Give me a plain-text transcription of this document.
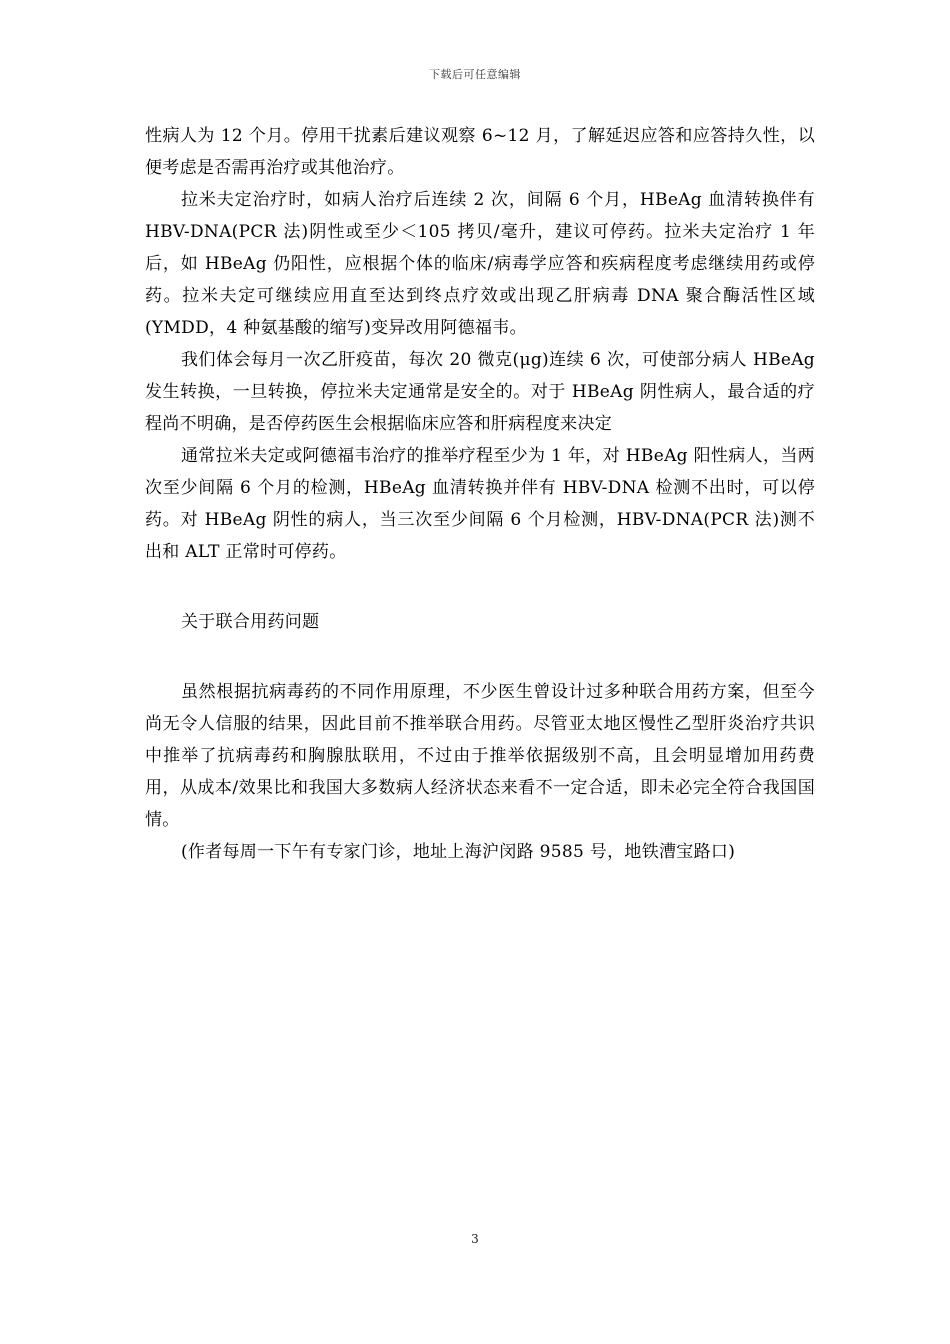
下载后可任意编辑

性病人为 12 个月。停用干扰素后建议观察 6~12 月，了解延迟应答和应答持久性，以便考虑是否需再治疗或其他治疗。

拉米夫定治疗时，如病人治疗后连续 2 次，间隔 6 个月，HBeAg 血清转换伴有 HBV-DNA(PCR 法)阴性或至少＜105 拷贝/毫升，建议可停药。拉米夫定治疗 1 年后，如 HBeAg 仍阳性，应根据个体的临床/病毒学应答和疾病程度考虑继续用药或停药。拉米夫定可继续应用直至达到终点疗效或出现乙肝病毒 DNA 聚合酶活性区域(YMDD，4 种氨基酸的缩写)变异改用阿德福韦。

我们体会每月一次乙肝疫苗，每次 20 微克(μg)连续 6 次，可使部分病人 HBeAg 发生转换，一旦转换，停拉米夫定通常是安全的。对于 HBeAg 阴性病人，最合适的疗程尚不明确，是否停药医生会根据临床应答和肝病程度来决定

通常拉米夫定或阿德福韦治疗的推举疗程至少为 1 年，对 HBeAg 阳性病人，当两次至少间隔 6 个月的检测，HBeAg 血清转换并伴有 HBV-DNA 检测不出时，可以停药。对 HBeAg 阴性的病人，当三次至少间隔 6 个月检测，HBV-DNA(PCR 法)测不出和 ALT 正常时可停药。

关于联合用药问题

虽然根据抗病毒药的不同作用原理，不少医生曾设计过多种联合用药方案，但至今尚无令人信服的结果，因此目前不推举联合用药。尽管亚太地区慢性乙型肝炎治疗共识中推举了抗病毒药和胸腺肽联用，不过由于推举依据级别不高，且会明显增加用药费用，从成本/效果比和我国大多数病人经济状态来看不一定合适，即未必完全符合我国国情。

(作者每周一下午有专家门诊，地址上海沪闵路 9585 号，地铁漕宝路口)

3
